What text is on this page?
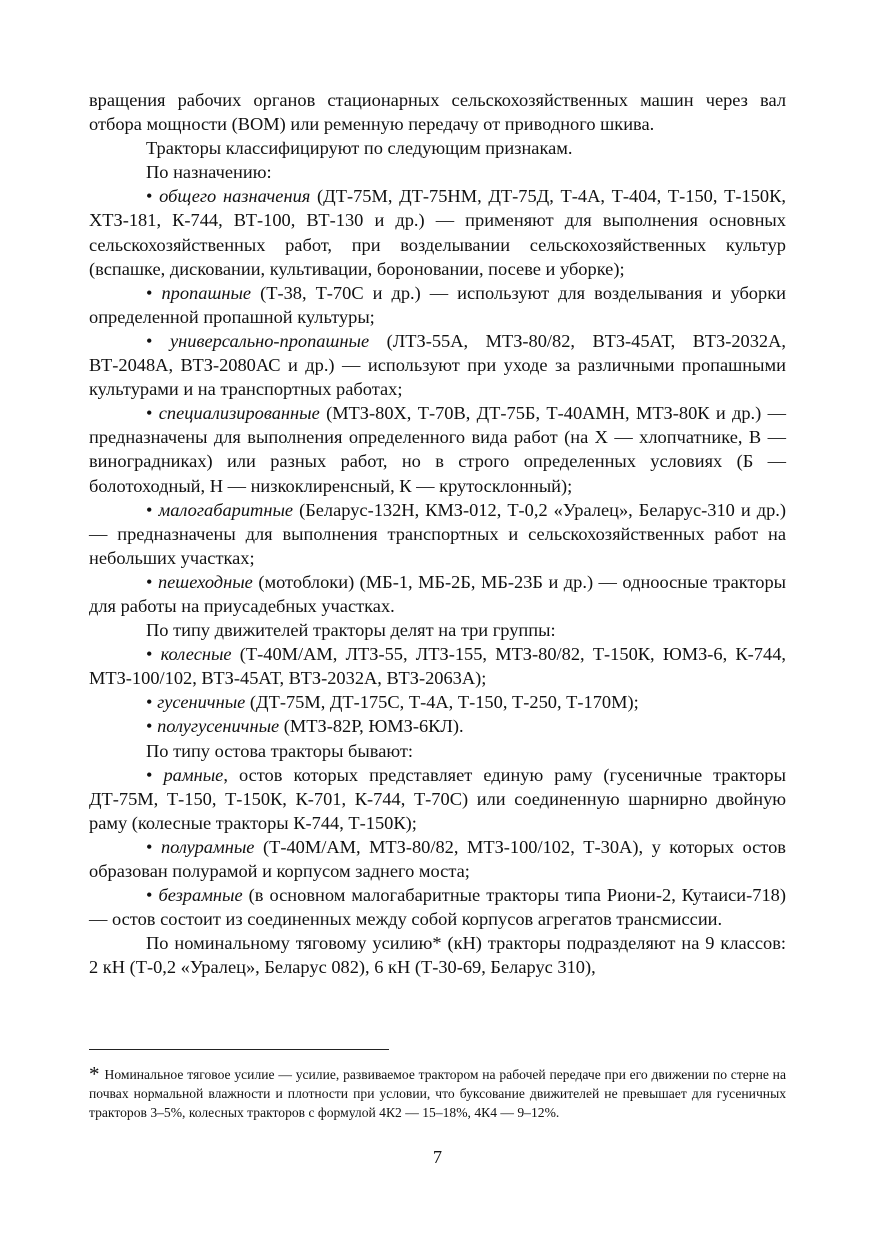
вращения рабочих органов стационарных сельскохозяйственных машин через вал отбора мощности (ВОМ) или ременную передачу от приводного шкива.

Тракторы классифицируют по следующим признакам.

По назначению:

• общего назначения (ДТ-75М, ДТ-75НМ, ДТ-75Д, Т-4А, Т-404, Т-150, Т-150К, ХТЗ-181, К-744, ВТ-100, ВТ-130 и др.) — применяют для выполнения основных сельскохозяйственных работ, при возделывании сельскохозяйственных культур (вспашке, дисковании, культивации, бороновании, посеве и уборке);

• пропашные (Т-38, Т-70С и др.) — используют для возделывания и уборки определенной пропашной культуры;

• универсально-пропашные (ЛТЗ-55А, МТЗ-80/82, ВТЗ-45АТ, ВТЗ-2032А, ВТ-2048А, ВТЗ-2080АС и др.) — используют при уходе за различными пропашными культурами и на транспортных работах;

• специализированные (МТЗ-80Х, Т-70В, ДТ-75Б, Т-40АМН, МТЗ-80К и др.) — предназначены для выполнения определенного вида работ (на Х — хлопчатнике, В — виноградниках) или разных работ, но в строго определенных условиях (Б — болотоходный, Н — низкоклиренсный, К — крутосклонный);

• малогабаритные (Беларус-132Н, КМЗ-012, Т-0,2 «Уралец», Беларус-310 и др.) — предназначены для выполнения транспортных и сельскохозяйственных работ на небольших участках;

• пешеходные (мотоблоки) (МБ-1, МБ-2Б, МБ-23Б и др.) — одноосные тракторы для работы на приусадебных участках.

По типу движителей тракторы делят на три группы:

• колесные (Т-40М/АМ, ЛТЗ-55, ЛТЗ-155, МТЗ-80/82, Т-150К, ЮМЗ-6, К-744, МТЗ-100/102, ВТЗ-45АТ, ВТЗ-2032А, ВТЗ-2063А);

• гусеничные (ДТ-75М, ДТ-175С, Т-4А, Т-150, Т-250, Т-170М);

• полугусеничные (МТЗ-82Р, ЮМЗ-6КЛ).

По типу остова тракторы бывают:

• рамные, остов которых представляет единую раму (гусеничные тракторы ДТ-75М, Т-150, Т-150К, К-701, К-744, Т-70С) или соединенную шарнирно двойную раму (колесные тракторы К-744, Т-150К);

• полурамные (Т-40М/АМ, МТЗ-80/82, МТЗ-100/102, Т-30А), у которых остов образован полурамой и корпусом заднего моста;

• безрамные (в основном малогабаритные тракторы типа Риони-2, Кутаиси-718) — остов состоит из соединенных между собой корпусов агрегатов трансмиссии.

По номинальному тяговому усилию* (кН) тракторы подразделяют на 9 классов: 2 кН (Т-0,2 «Уралец», Беларус 082), 6 кН (Т-30-69, Беларус 310),

* Номинальное тяговое усилие — усилие, развиваемое трактором на рабочей передаче при его движении по стерне на почвах нормальной влажности и плотности при условии, что буксование движителей не превышает для гусеничных тракторов 3–5%, колесных тракторов с формулой 4К2 — 15–18%, 4К4 — 9–12%.

7
